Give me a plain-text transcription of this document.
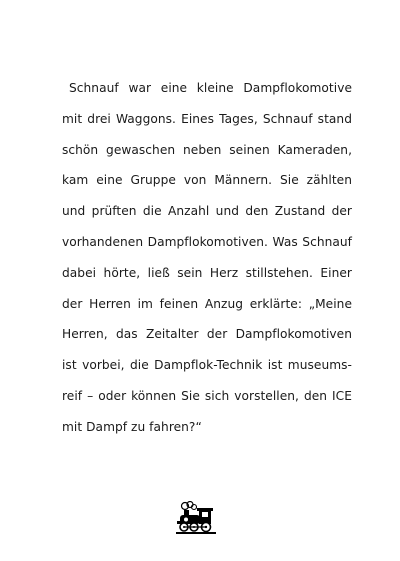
Schnauf war eine kleine Dampflokomotive
mit drei Waggons. Eines Tages, Schnauf stand
schön gewaschen neben seinen Kameraden,
kam eine Gruppe von Männern. Sie zählten
und prüften die Anzahl und den Zustand der
vorhandenen Dampflokomotiven. Was Schnauf
dabei hörte, ließ sein Herz stillstehen. Einer
der Herren im feinen Anzug erklärte: „Meine
Herren, das Zeitalter der Dampflokomotiven
ist vorbei, die Dampflok-Technik ist museums-
reif – oder können Sie sich vorstellen, den ICE
mit Dampf zu fahren?“
